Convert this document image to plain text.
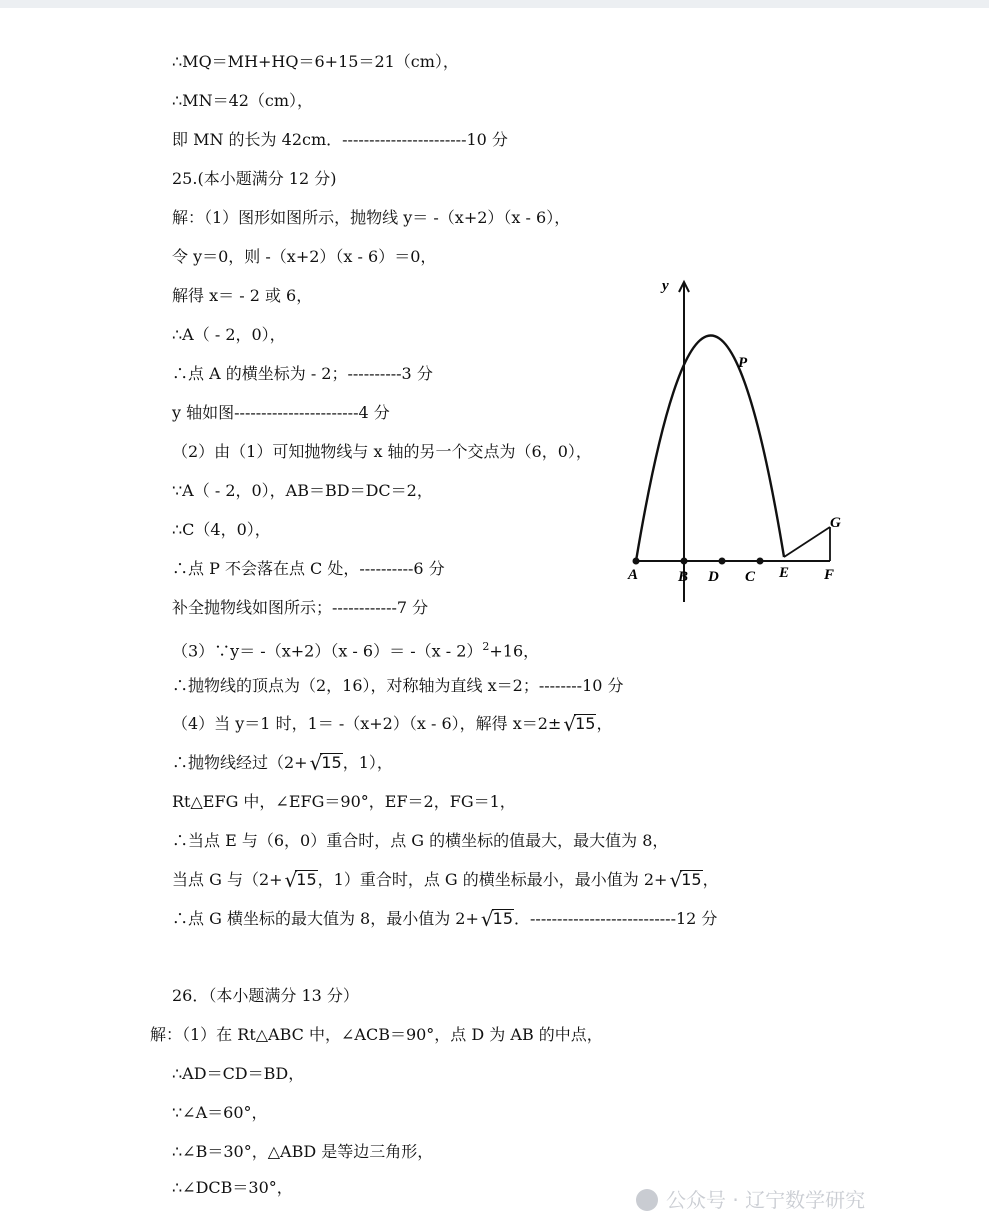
∴MQ＝MH+HQ＝6+15＝21（cm），
∴MN＝42（cm），
即 MN 的长为 42cm．-----------------------10 分
25.(本小题满分 12 分)
解：（1）图形如图所示，抛物线 y＝ -（x+2）（x - 6），
令 y＝0，则 -（x+2）（x - 6）＝0，
解得 x＝ - 2 或 6，
∴A（ - 2，0），
∴点 A 的横坐标为 - 2；----------3 分
y 轴如图-----------------------4 分
（2）由（1）可知抛物线与 x 轴的另一个交点为（6，0），
∵A（ - 2，0），AB＝BD＝DC＝2，
∴C（4，0），
∴点 P 不会落在点 C 处，----------6 分
补全抛物线如图所示；------------7 分
（3）∵y＝ -（x+2）（x - 6）＝ -（x - 2）$^2$+16，
∴抛物线的顶点为（2，16），对称轴为直线 x＝2；--------10 分
（4）当 y＝1 时，1＝ -（x+2）（x - 6），解得 x＝2± √15，
∴抛物线经过（2+ √15，1），
Rt△EFG 中，∠EFG＝90°，EF＝2，FG＝1，
∴当点 E 与（6，0）重合时，点 G 的横坐标的值最大，最大值为 8，
当点 G 与（2+ √15，1）重合时，点 G 的横坐标最小，最小值为 2+ √15，
∴点 G 横坐标的最大值为 8，最小值为 2+ √15．---------------------------12 分
26．（本小题满分 13 分）
解：（1）在 Rt△ABC 中，∠ACB＝90°，点 D 为 AB 的中点，
∴AD＝CD＝BD，
∵∠A＝60°，
∴∠B＝30°，△ABD 是等边三角形，
∴∠DCB＝30°，
y
A	B D C E F
G
P
公众号 · 辽宁数学研究
